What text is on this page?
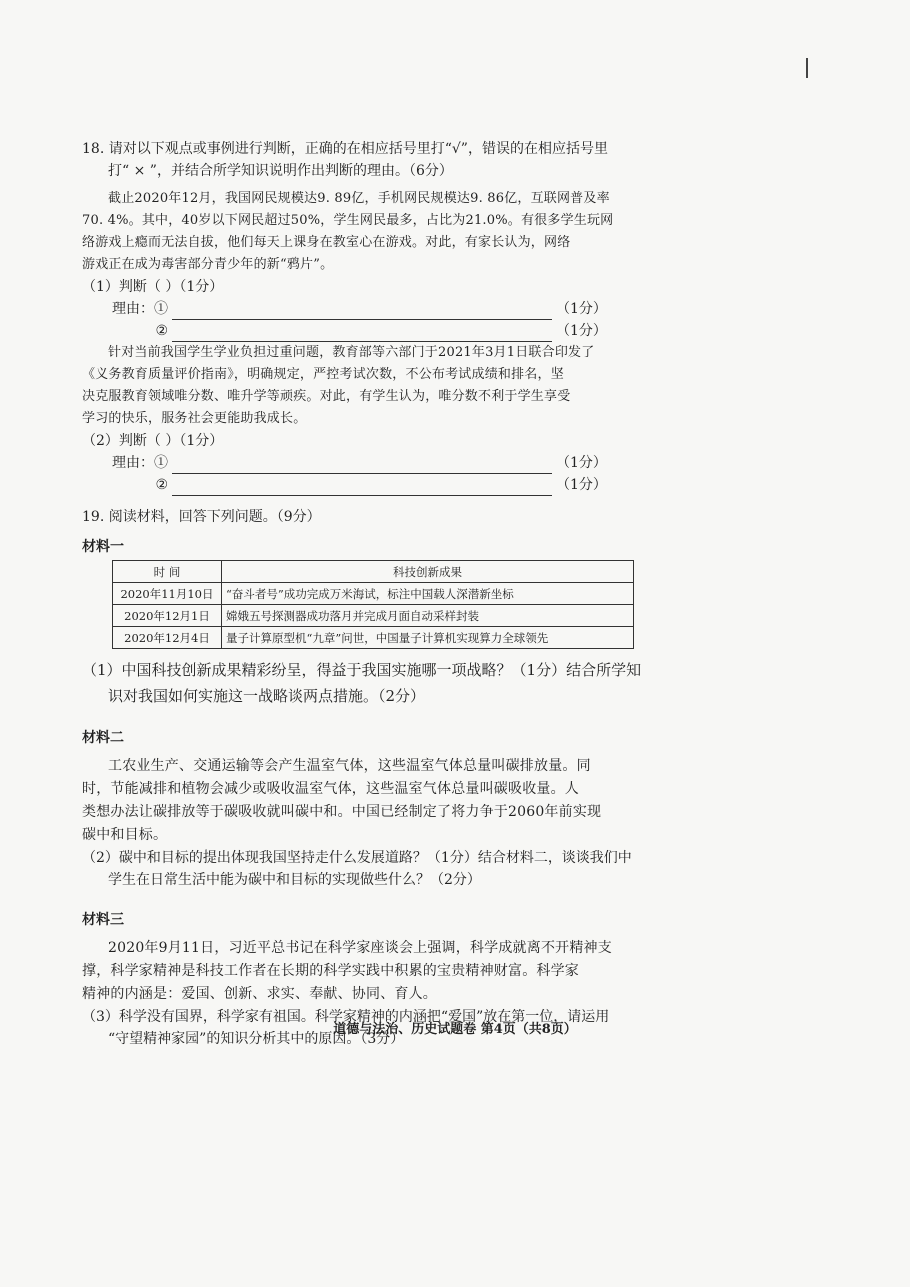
18. 请对以下观点或事例进行判断，正确的在相应括号里打“√”，错误的在相应括号里

打“ × ”，并结合所学知识说明作出判断的理由。（6分）

截止2020年12月，我国网民规模达9. 89亿，手机网民规模达9. 86亿，互联网普及率

70. 4%。其中，40岁以下网民超过50%，学生网民最多，占比为21.0%。有很多学生玩网

络游戏上瘾而无法自拔，他们每天上课身在教室心在游戏。对此，有家长认为，网络

游戏正在成为毒害部分青少年的新“鸦片”。

（1）判断（ ）（1分）

理由：①	（1分）
②	（1分）

针对当前我国学生学业负担过重问题，教育部等六部门于2021年3月1日联合印发了

《义务教育质量评价指南》，明确规定，严控考试次数，不公布考试成绩和排名，坚

决克服教育领域唯分数、唯升学等顽疾。对此，有学生认为，唯分数不利于学生享受

学习的快乐，服务社会更能助我成长。

（2）判断（ ）（1分）

理由：①	（1分）
②	（1分）

19. 阅读材料，回答下列问题。（9分）

材料一

时 间	科技创新成果
2020年11月10日	“奋斗者号”成功完成万米海试，标注中国载人深潜新坐标
2020年12月1日	嫦娥五号探测器成功落月并完成月面自动采样封装
2020年12月4日	量子计算原型机“九章”问世，中国量子计算机实现算力全球领先

（1）中国科技创新成果精彩纷呈，得益于我国实施哪一项战略？（1分）结合所学知

识对我国如何实施这一战略谈两点措施。（2分）

材料二

工农业生产、交通运输等会产生温室气体，这些温室气体总量叫碳排放量。同

时，节能减排和植物会减少或吸收温室气体，这些温室气体总量叫碳吸收量。人

类想办法让碳排放等于碳吸收就叫碳中和。中国已经制定了将力争于2060年前实现

碳中和目标。

（2）碳中和目标的提出体现我国坚持走什么发展道路？（1分）结合材料二，谈谈我们中

学生在日常生活中能为碳中和目标的实现做些什么？（2分）

材料三

2020年9月11日，习近平总书记在科学家座谈会上强调，科学成就离不开精神支

撑，科学家精神是科技工作者在长期的科学实践中积累的宝贵精神财富。科学家

精神的内涵是：爱国、创新、求实、奉献、协同、育人。

（3）科学没有国界，科学家有祖国。科学家精神的内涵把“爱国”放在第一位，请运用

“守望精神家园”的知识分析其中的原因。（3分）

道德与法治、历史试题卷 第4页（共8页）
